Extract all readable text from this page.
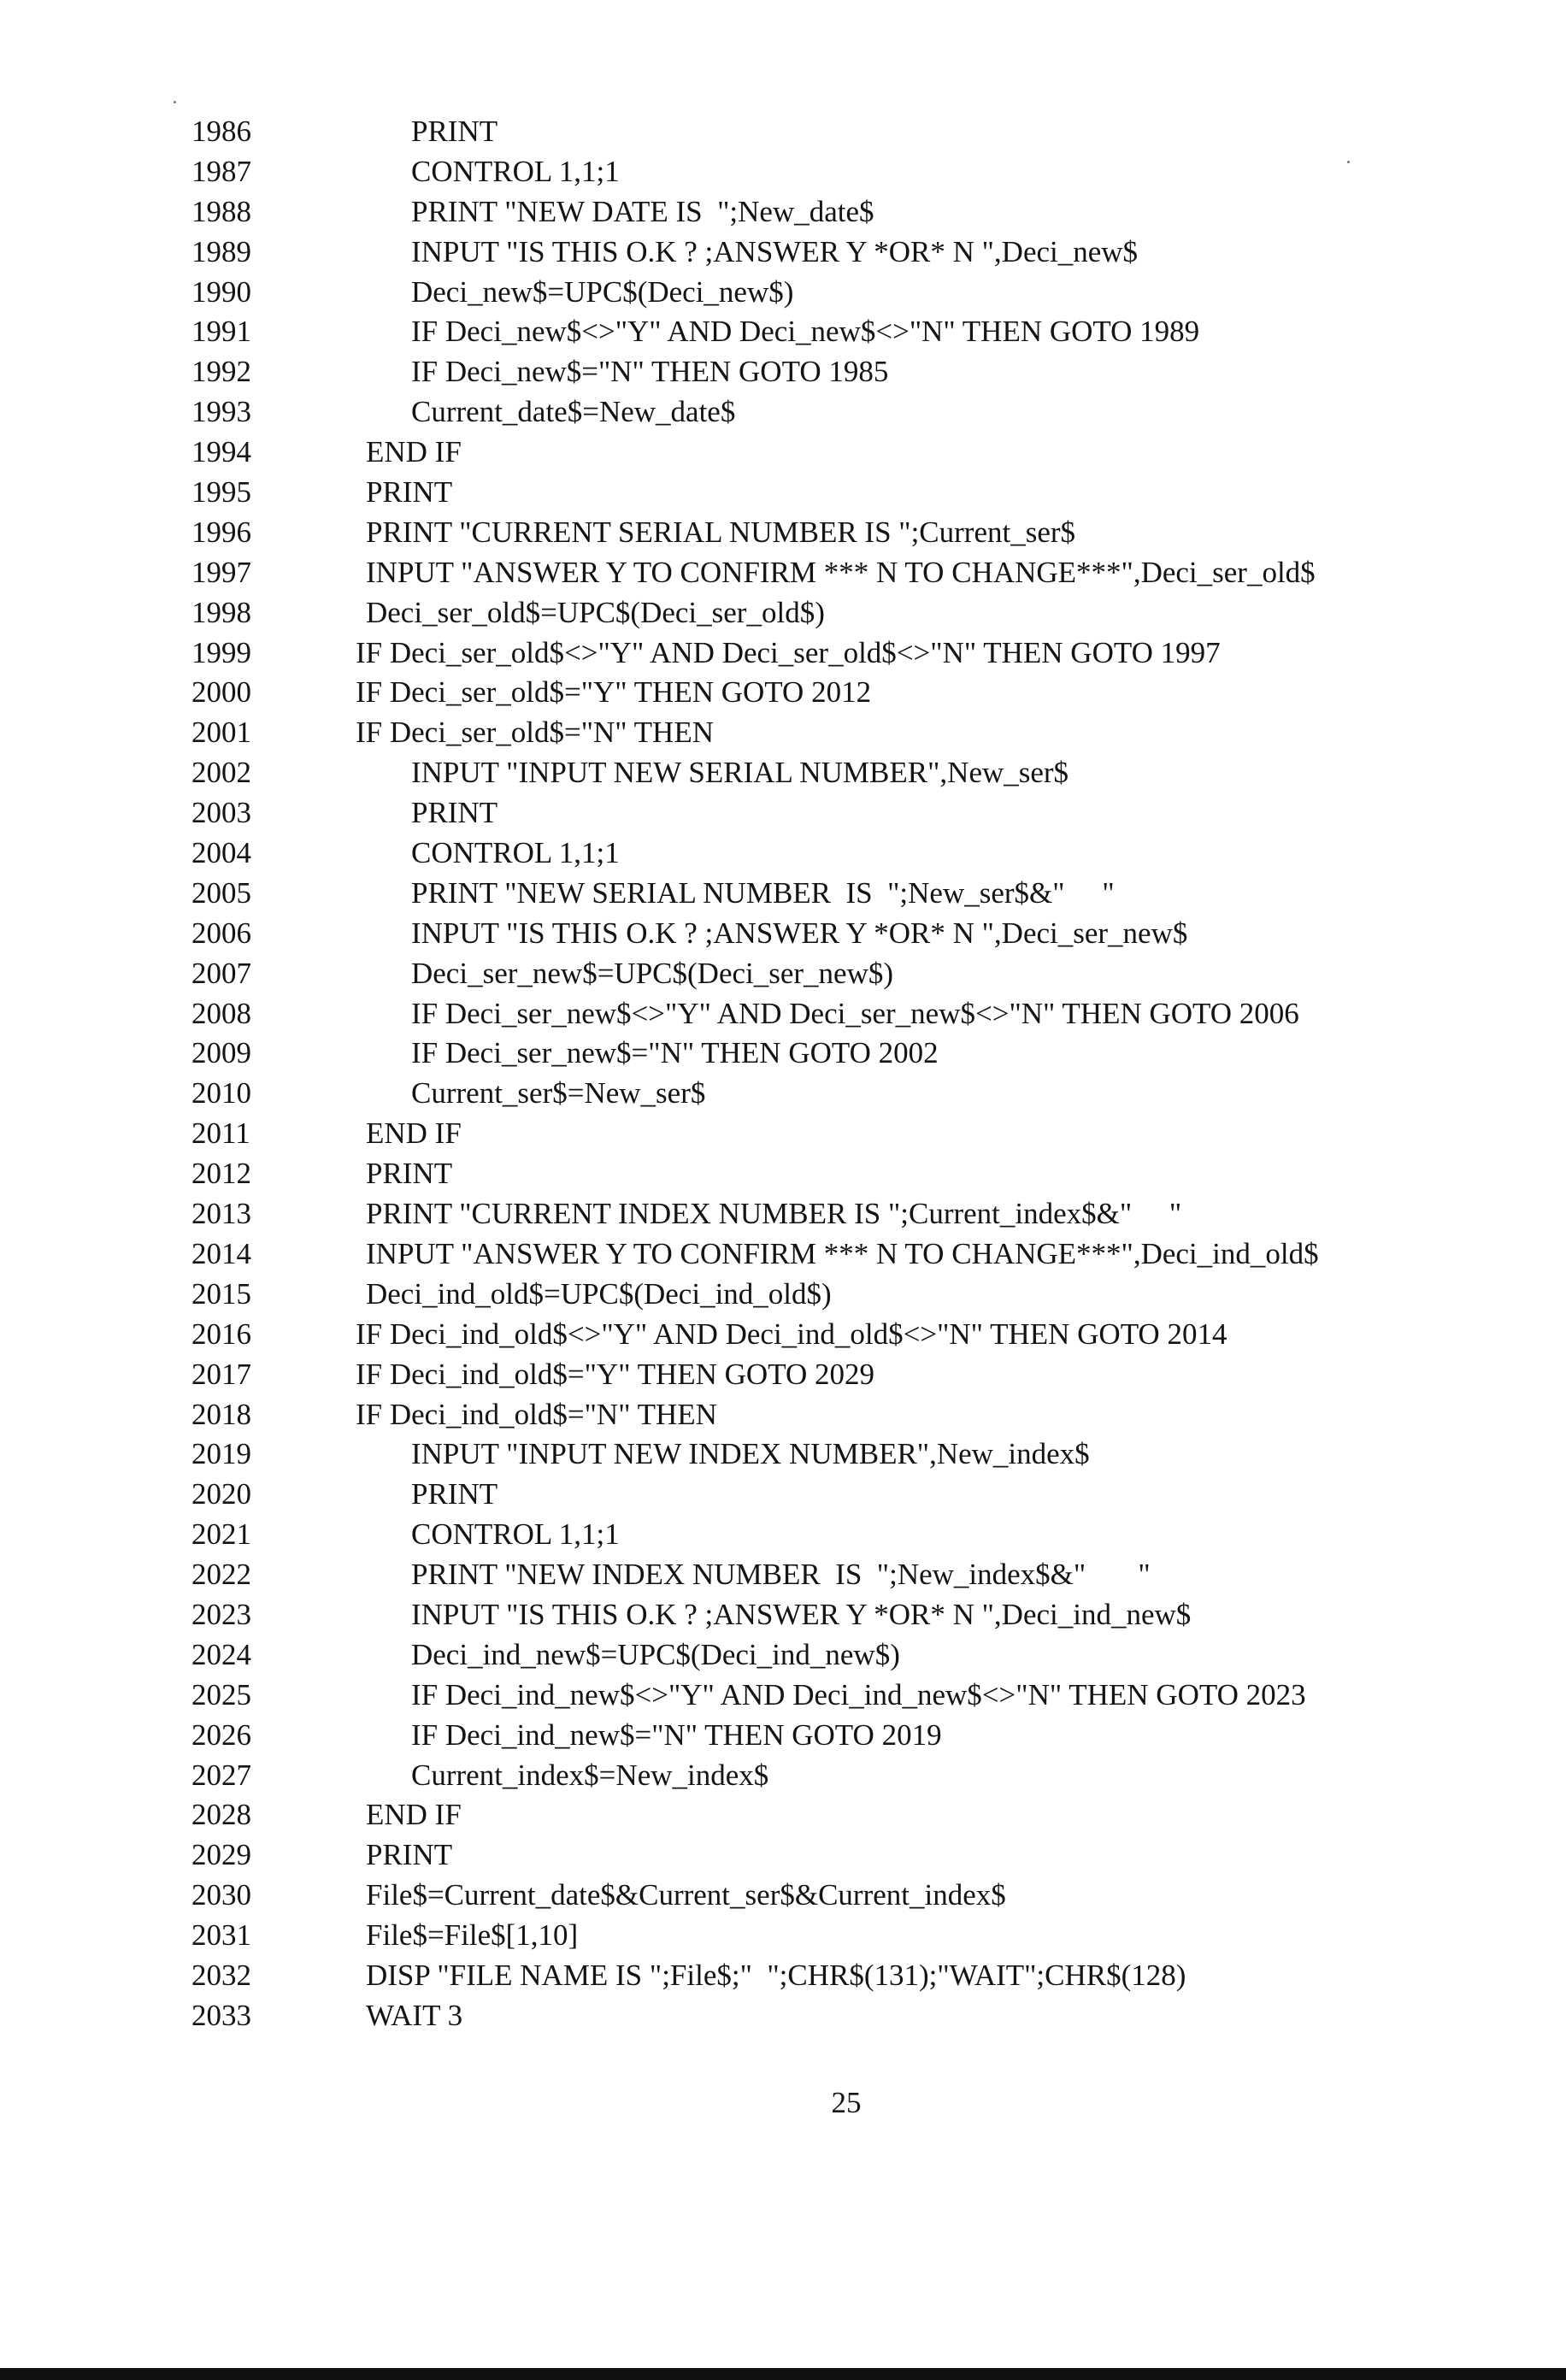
1986	PRINT
1987	CONTROL 1,1;1
1988	PRINT "NEW DATE IS  ";New_date$
1989	INPUT "IS THIS O.K ? ;ANSWER Y *OR* N ",Deci_new$
1990	Deci_new$=UPC$(Deci_new$)
1991	IF Deci_new$<>"Y" AND Deci_new$<>"N" THEN GOTO 1989
1992	IF Deci_new$="N" THEN GOTO 1985
1993	Current_date$=New_date$
1994	END IF
1995	PRINT
1996	PRINT "CURRENT SERIAL NUMBER IS ";Current_ser$
1997	INPUT "ANSWER Y TO CONFIRM *** N TO CHANGE***",Deci_ser_old$
1998	Deci_ser_old$=UPC$(Deci_ser_old$)
1999	IF Deci_ser_old$<>"Y" AND Deci_ser_old$<>"N" THEN GOTO 1997
2000	IF Deci_ser_old$="Y" THEN GOTO 2012
2001	IF Deci_ser_old$="N" THEN
2002	INPUT "INPUT NEW SERIAL NUMBER",New_ser$
2003	PRINT
2004	CONTROL 1,1;1
2005	PRINT "NEW SERIAL NUMBER  IS  ";New_ser$&"     "
2006	INPUT "IS THIS O.K ? ;ANSWER Y *OR* N ",Deci_ser_new$
2007	Deci_ser_new$=UPC$(Deci_ser_new$)
2008	IF Deci_ser_new$<>"Y" AND Deci_ser_new$<>"N" THEN GOTO 2006
2009	IF Deci_ser_new$="N" THEN GOTO 2002
2010	Current_ser$=New_ser$
2011	END IF
2012	PRINT
2013	PRINT "CURRENT INDEX NUMBER IS ";Current_index$&"     "
2014	INPUT "ANSWER Y TO CONFIRM *** N TO CHANGE***",Deci_ind_old$
2015	Deci_ind_old$=UPC$(Deci_ind_old$)
2016	IF Deci_ind_old$<>"Y" AND Deci_ind_old$<>"N" THEN GOTO 2014
2017	IF Deci_ind_old$="Y" THEN GOTO 2029
2018	IF Deci_ind_old$="N" THEN
2019	INPUT "INPUT NEW INDEX NUMBER",New_index$
2020	PRINT
2021	CONTROL 1,1;1
2022	PRINT "NEW INDEX NUMBER  IS  ";New_index$&"       "
2023	INPUT "IS THIS O.K ? ;ANSWER Y *OR* N ",Deci_ind_new$
2024	Deci_ind_new$=UPC$(Deci_ind_new$)
2025	IF Deci_ind_new$<>"Y" AND Deci_ind_new$<>"N" THEN GOTO 2023
2026	IF Deci_ind_new$="N" THEN GOTO 2019
2027	Current_index$=New_index$
2028	END IF
2029	PRINT
2030	File$=Current_date$&Current_ser$&Current_index$
2031	File$=File$[1,10]
2032	DISP "FILE NAME IS ";File$;"  ";CHR$(131);"WAIT";CHR$(128)
2033	WAIT 3
25
